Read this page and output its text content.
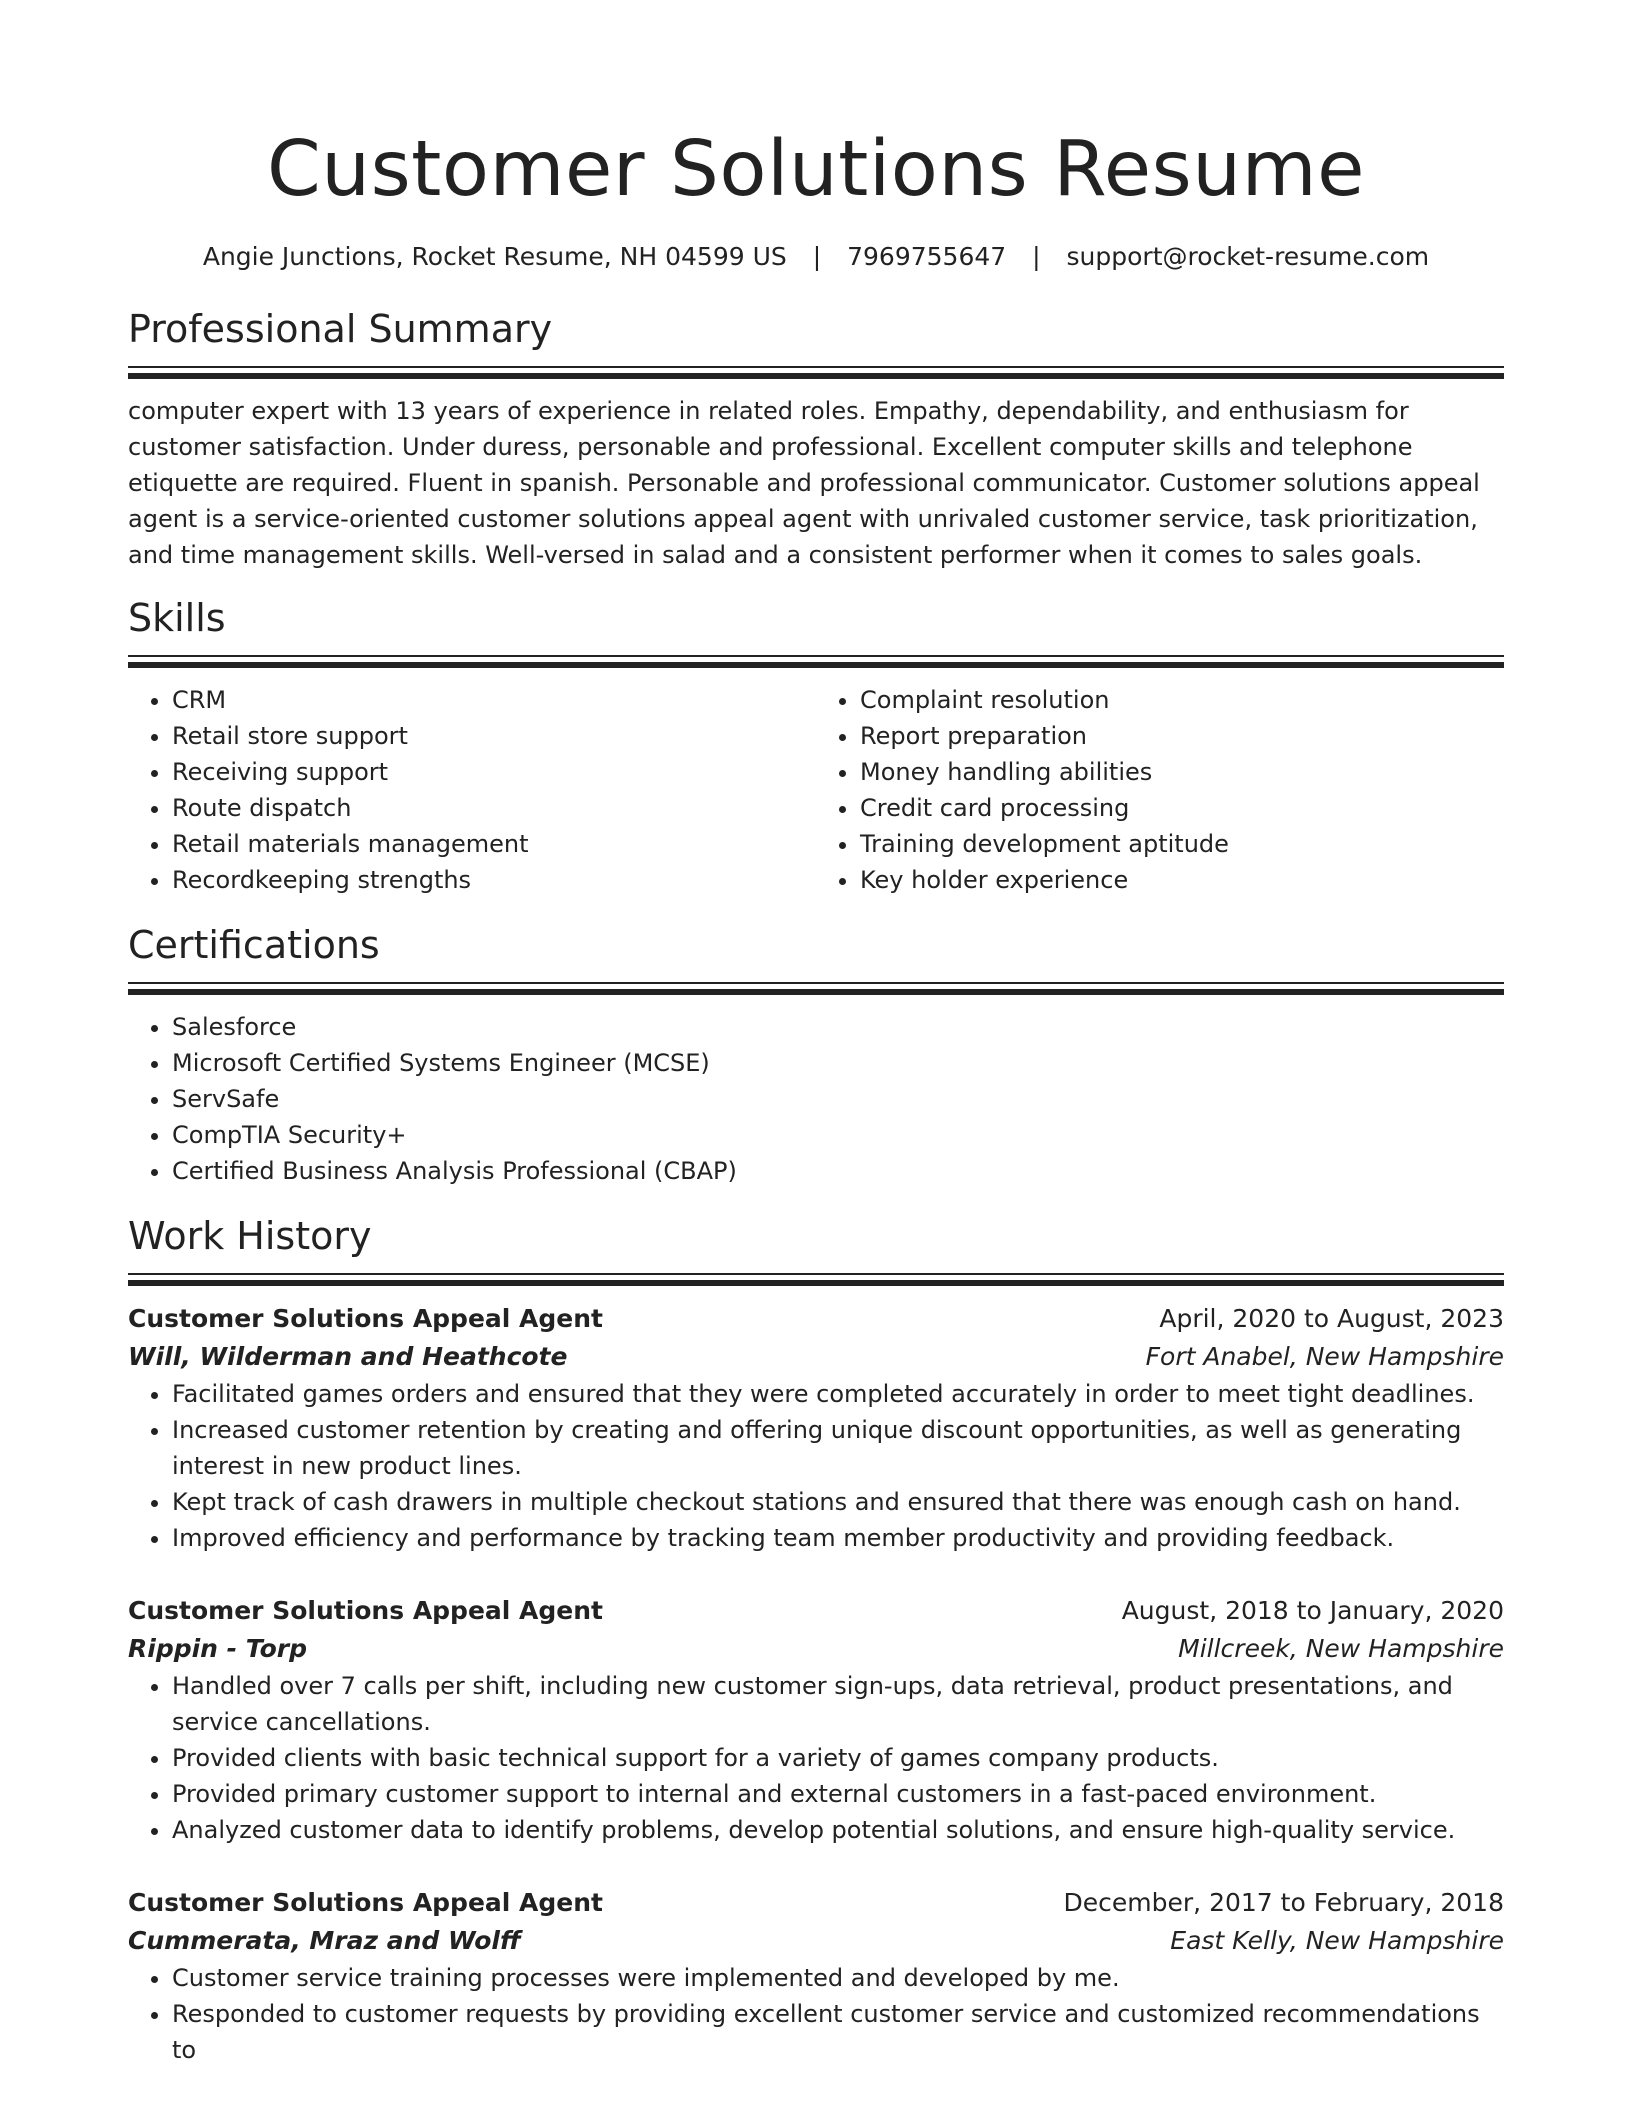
Customer Solutions Resume
Angie Junctions, Rocket Resume, NH 04599 US | 7969755647 | support@rocket-resume.com
Professional Summary

computer expert with 13 years of experience in related roles. Empathy, dependability, and enthusiasm for customer satisfaction. Under duress, personable and professional. Excellent computer skills and telephone etiquette are required. Fluent in spanish. Personable and professional communicator. Customer solutions appeal agent is a service-oriented customer solutions appeal agent with unrivaled customer service, task prioritization, and time management skills. Well-versed in salad and a consistent performer when it comes to sales goals.

Skills
• CRM
• Retail store support
• Receiving support
• Route dispatch
• Retail materials management
• Recordkeeping strengths
• Complaint resolution
• Report preparation
• Money handling abilities
• Credit card processing
• Training development aptitude
• Key holder experience
Certifications
• Salesforce
• Microsoft Certified Systems Engineer (MCSE)
• ServSafe
• CompTIA Security+
• Certified Business Analysis Professional (CBAP)
Work History
Customer Solutions Appeal Agent	April, 2020 to August, 2023
Will, Wilderman and Heathcote	Fort Anabel, New Hampshire
• Facilitated games orders and ensured that they were completed accurately in order to meet tight deadlines.
• Increased customer retention by creating and offering unique discount opportunities, as well as generating interest in new product lines.
• Kept track of cash drawers in multiple checkout stations and ensured that there was enough cash on hand.
• Improved efficiency and performance by tracking team member productivity and providing feedback.
Customer Solutions Appeal Agent	August, 2018 to January, 2020
Rippin - Torp	Millcreek, New Hampshire
• Handled over 7 calls per shift, including new customer sign-ups, data retrieval, product presentations, and service cancellations.
• Provided clients with basic technical support for a variety of games company products.
• Provided primary customer support to internal and external customers in a fast-paced environment.
• Analyzed customer data to identify problems, develop potential solutions, and ensure high-quality service.
Customer Solutions Appeal Agent	December, 2017 to February, 2018
Cummerata, Mraz and Wolff	East Kelly, New Hampshire
• Customer service training processes were implemented and developed by me.
• Responded to customer requests by providing excellent customer service and customized recommendations to
